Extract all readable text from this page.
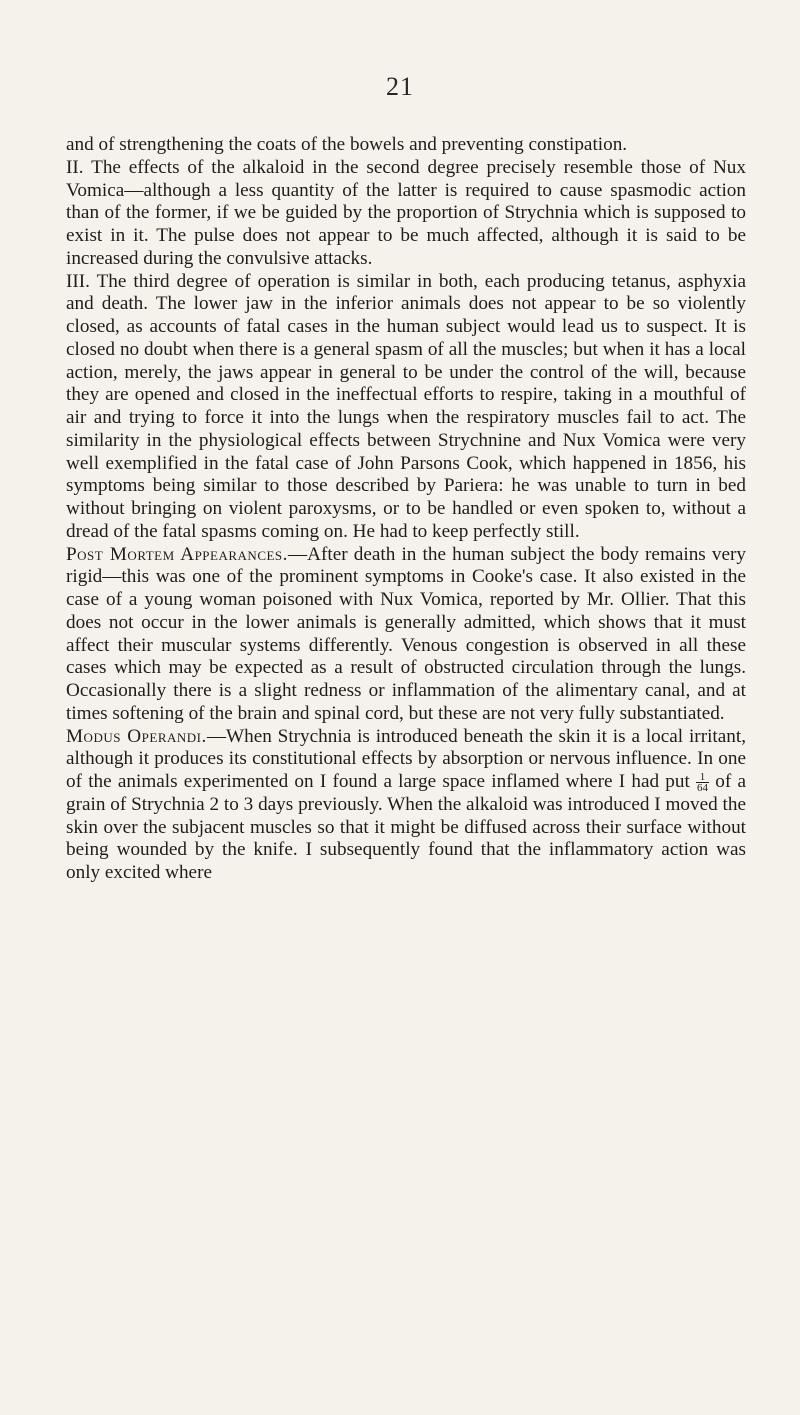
21

and of strengthening the coats of the bowels and preventing constipation.

II. The effects of the alkaloid in the second degree precisely resemble those of Nux Vomica—although a less quantity of the latter is required to cause spasmodic action than of the former, if we be guided by the proportion of Strychnia which is supposed to exist in it. The pulse does not appear to be much affected, although it is said to be increased during the convulsive attacks.

III. The third degree of operation is similar in both, each producing tetanus, asphyxia and death. The lower jaw in the inferior animals does not appear to be so violently closed, as accounts of fatal cases in the human subject would lead us to suspect. It is closed no doubt when there is a general spasm of all the muscles; but when it has a local action, merely, the jaws appear in general to be under the control of the will, because they are opened and closed in the ineffectual efforts to respire, taking in a mouthful of air and trying to force it into the lungs when the respiratory muscles fail to act. The similarity in the physiological effects between Strychnine and Nux Vomica were very well exemplified in the fatal case of John Parsons Cook, which happened in 1856, his symptoms being similar to those described by Pariera: he was unable to turn in bed without bringing on violent paroxysms, or to be handled or even spoken to, without a dread of the fatal spasms coming on. He had to keep perfectly still.

Post Mortem Appearances.—After death in the human subject the body remains very rigid—this was one of the prominent symptoms in Cooke's case. It also existed in the case of a young woman poisoned with Nux Vomica, reported by Mr. Ollier. That this does not occur in the lower animals is generally admitted, which shows that it must affect their muscular systems differently. Venous congestion is observed in all these cases which may be expected as a result of obstructed circulation through the lungs. Occasionally there is a slight redness or inflammation of the alimentary canal, and at times softening of the brain and spinal cord, but these are not very fully substantiated.

Modus Operandi.—When Strychnia is introduced beneath the skin it is a local irritant, although it produces its constitutional effects by absorption or nervous influence. In one of the animals experimented on I found a large space inflamed where I had put $\frac{1}{64}$ of a grain of Strychnia 2 to 3 days previously. When the alkaloid was introduced I moved the skin over the subjacent muscles so that it might be diffused across their surface without being wounded by the knife. I subsequently found that the inflammatory action was only excited where
